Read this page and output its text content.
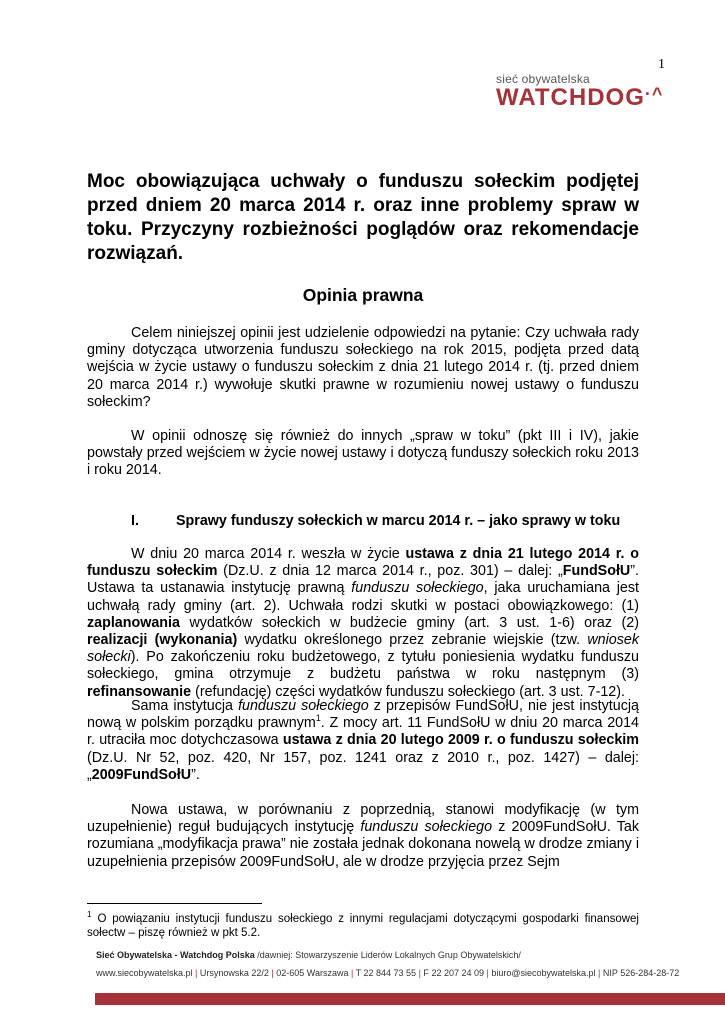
1
sieć obywatelska
WATCHDOG·^
Moc obowiązująca uchwały o funduszu sołeckim podjętej przed dniem 20 marca 2014 r. oraz inne problemy spraw w toku. Przyczyny rozbieżności poglądów oraz rekomendacje rozwiązań.
Opinia prawna

Celem niniejszej opinii jest udzielenie odpowiedzi na pytanie: Czy uchwała rady gminy dotycząca utworzenia funduszu sołeckiego na rok 2015, podjęta przed datą wejścia w życie ustawy o funduszu sołeckim z dnia 21 lutego 2014 r. (tj. przed dniem 20 marca 2014 r.) wywołuje skutki prawne w rozumieniu nowej ustawy o funduszu sołeckim?

W opinii odnoszę się również do innych „spraw w toku” (pkt III i IV), jakie powstały przed wejściem w życie nowej ustawy i dotyczą funduszy sołeckich roku 2013 i roku 2014.

I.	Sprawy funduszy sołeckich w marcu 2014 r. – jako sprawy w toku

W dniu 20 marca 2014 r. weszła w życie ustawa z dnia 21 lutego 2014 r. o funduszu sołeckim (Dz.U. z dnia 12 marca 2014 r., poz. 301) – dalej: „FundSołU”. Ustawa ta ustanawia instytucję prawną funduszu sołeckiego, jaka uruchamiana jest uchwałą rady gminy (art. 2). Uchwała rodzi skutki w postaci obowiązkowego: (1) zaplanowania wydatków sołeckich w budżecie gminy (art. 3 ust. 1-6) oraz (2) realizacji (wykonania) wydatku określonego przez zebranie wiejskie (tzw. wniosek sołecki). Po zakończeniu roku budżetowego, z tytułu poniesienia wydatku funduszu sołeckiego, gmina otrzymuje z budżetu państwa w roku następnym (3) refinansowanie (refundację) części wydatków funduszu sołeckiego (art. 3 ust. 7-12).

Sama instytucja funduszu sołeckiego z przepisów FundSołU, nie jest instytucją nową w polskim porządku prawnym$^1$. Z mocy art. 11 FundSołU w dniu 20 marca 2014 r. utraciła moc dotychczasowa ustawa z dnia 20 lutego 2009 r. o funduszu sołeckim (Dz.U. Nr 52, poz. 420, Nr 157, poz. 1241 oraz z 2010 r., poz. 1427) – dalej: „2009FundSołU”.

Nowa ustawa, w porównaniu z poprzednią, stanowi modyfikację (w tym uzupełnienie) reguł budujących instytucję funduszu sołeckiego z 2009FundSołU. Tak rozumiana „modyfikacja prawa” nie została jednak dokonana nowelą w drodze zmiany i uzupełnienia przepisów 2009FundSołU, ale w drodze przyjęcia przez Sejm

$^1$ O powiązaniu instytucji funduszu sołeckiego z innymi regulacjami dotyczącymi gospodarki finansowej sołectw – piszę również w pkt 5.2.

Sieć Obywatelska - Watchdog Polska /dawniej: Stowarzyszenie Liderów Lokalnych Grup Obywatelskich/
www.siecobywatelska.pl | Ursynowska 22/2 | 02-605 Warszawa | T 22 844 73 55 | F 22 207 24 09 | biuro@siecobywatelska.pl | NIP 526-284-28-72
